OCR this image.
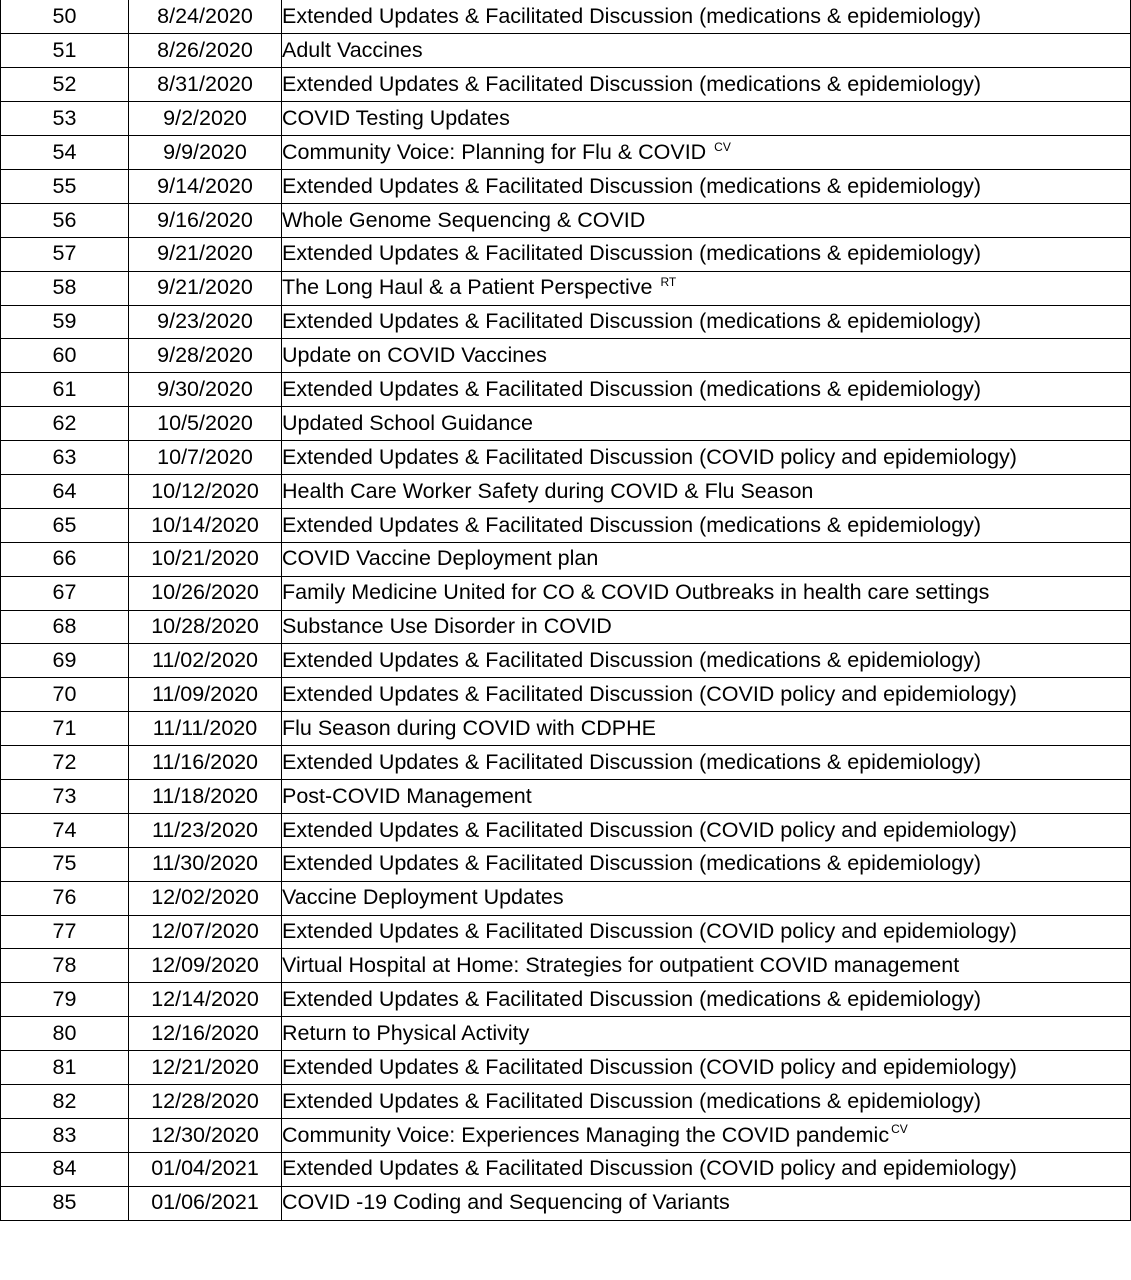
50	8/24/2020	Extended Updates & Facilitated Discussion (medications & epidemiology)
51	8/26/2020	Adult Vaccines
52	8/31/2020	Extended Updates & Facilitated Discussion (medications & epidemiology)
53	9/2/2020	COVID Testing Updates
54	9/9/2020	Community Voice: Planning for Flu & COVID $^{CV}$
55	9/14/2020	Extended Updates & Facilitated Discussion (medications & epidemiology)
56	9/16/2020	Whole Genome Sequencing & COVID
57	9/21/2020	Extended Updates & Facilitated Discussion (medications & epidemiology)
58	9/21/2020	The Long Haul & a Patient Perspective $^{RT}$
59	9/23/2020	Extended Updates & Facilitated Discussion (medications & epidemiology)
60	9/28/2020	Update on COVID Vaccines
61	9/30/2020	Extended Updates & Facilitated Discussion (medications & epidemiology)
62	10/5/2020	Updated School Guidance
63	10/7/2020	Extended Updates & Facilitated Discussion (COVID policy and epidemiology)
64	10/12/2020	Health Care Worker Safety during COVID & Flu Season
65	10/14/2020	Extended Updates & Facilitated Discussion (medications & epidemiology)
66	10/21/2020	COVID Vaccine Deployment plan
67	10/26/2020	Family Medicine United for CO & COVID Outbreaks in health care settings
68	10/28/2020	Substance Use Disorder in COVID
69	11/02/2020	Extended Updates & Facilitated Discussion (medications & epidemiology)
70	11/09/2020	Extended Updates & Facilitated Discussion (COVID policy and epidemiology)
71	11/11/2020	Flu Season during COVID with CDPHE
72	11/16/2020	Extended Updates & Facilitated Discussion (medications & epidemiology)
73	11/18/2020	Post-COVID Management
74	11/23/2020	Extended Updates & Facilitated Discussion (COVID policy and epidemiology)
75	11/30/2020	Extended Updates & Facilitated Discussion (medications & epidemiology)
76	12/02/2020	Vaccine Deployment Updates
77	12/07/2020	Extended Updates & Facilitated Discussion (COVID policy and epidemiology)
78	12/09/2020	Virtual Hospital at Home: Strategies for outpatient COVID management
79	12/14/2020	Extended Updates & Facilitated Discussion (medications & epidemiology)
80	12/16/2020	Return to Physical Activity
81	12/21/2020	Extended Updates & Facilitated Discussion (COVID policy and epidemiology)
82	12/28/2020	Extended Updates & Facilitated Discussion (medications & epidemiology)
83	12/30/2020	Community Voice: Experiences Managing the COVID pandemic $^{CV}$
84	01/04/2021	Extended Updates & Facilitated Discussion (COVID policy and epidemiology)
85	01/06/2021	COVID -19 Coding and Sequencing of Variants
